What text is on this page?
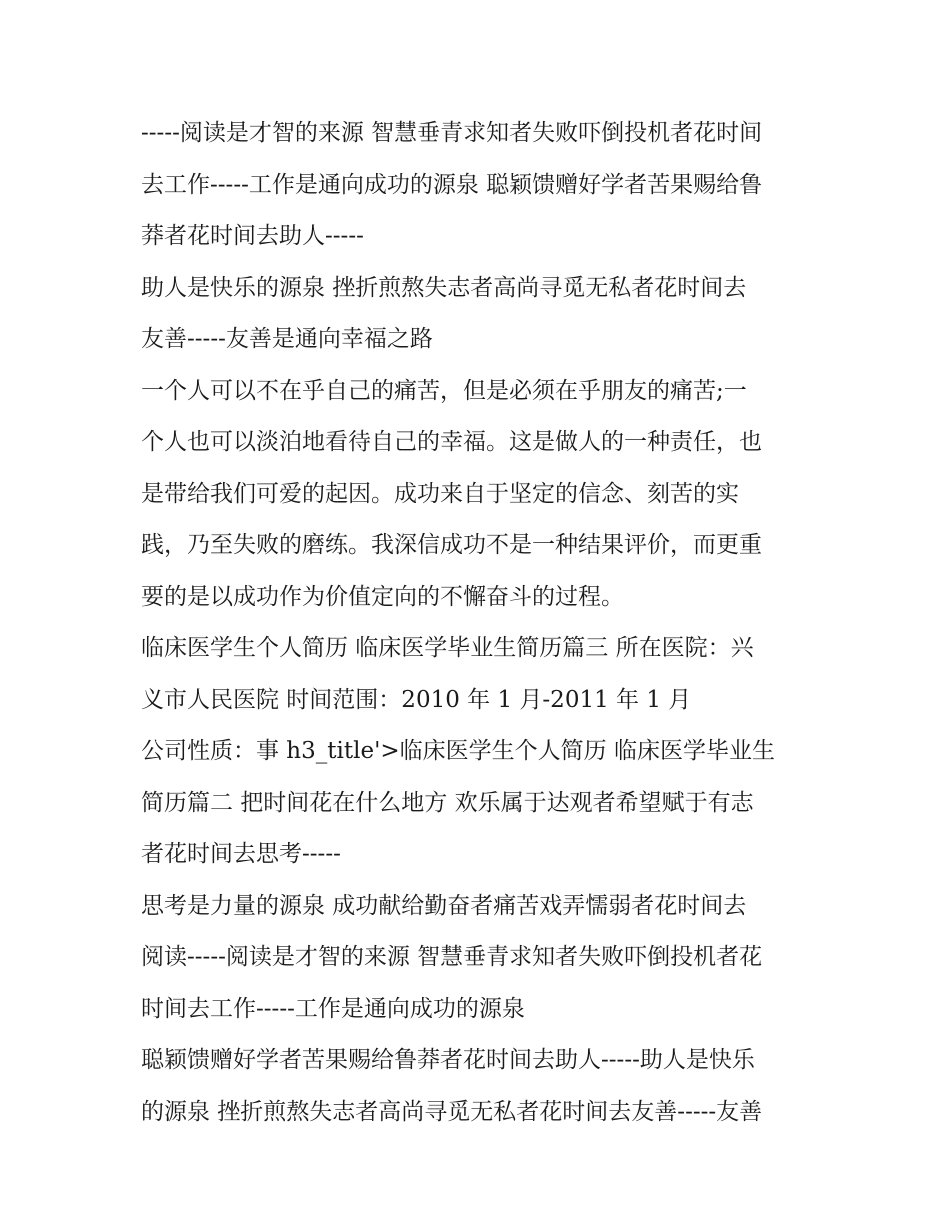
-----阅读是才智的来源 智慧垂青求知者失败吓倒投机者花时间
去工作-----工作是通向成功的源泉 聪颖馈赠好学者苦果赐给鲁
莽者花时间去助人-----
助人是快乐的源泉 挫折煎熬失志者高尚寻觅无私者花时间去
友善-----友善是通向幸福之路
一个人可以不在乎自己的痛苦，但是必须在乎朋友的痛苦;一
个人也可以淡泊地看待自己的幸福。这是做人的一种责任，也
是带给我们可爱的起因。成功来自于坚定的信念、刻苦的实
践，乃至失败的磨练。我深信成功不是一种结果评价，而更重
要的是以成功作为价值定向的不懈奋斗的过程。
临床医学生个人简历 临床医学毕业生简历篇三 所在医院：兴
义市人民医院 时间范围：2010 年 1 月-2011 年 1 月
公司性质：事 h3_title'>临床医学生个人简历 临床医学毕业生
简历篇二 把时间花在什么地方 欢乐属于达观者希望赋于有志
者花时间去思考-----
思考是力量的源泉 成功献给勤奋者痛苦戏弄懦弱者花时间去
阅读-----阅读是才智的来源 智慧垂青求知者失败吓倒投机者花
时间去工作-----工作是通向成功的源泉
聪颖馈赠好学者苦果赐给鲁莽者花时间去助人-----助人是快乐
的源泉 挫折煎熬失志者高尚寻觅无私者花时间去友善-----友善
